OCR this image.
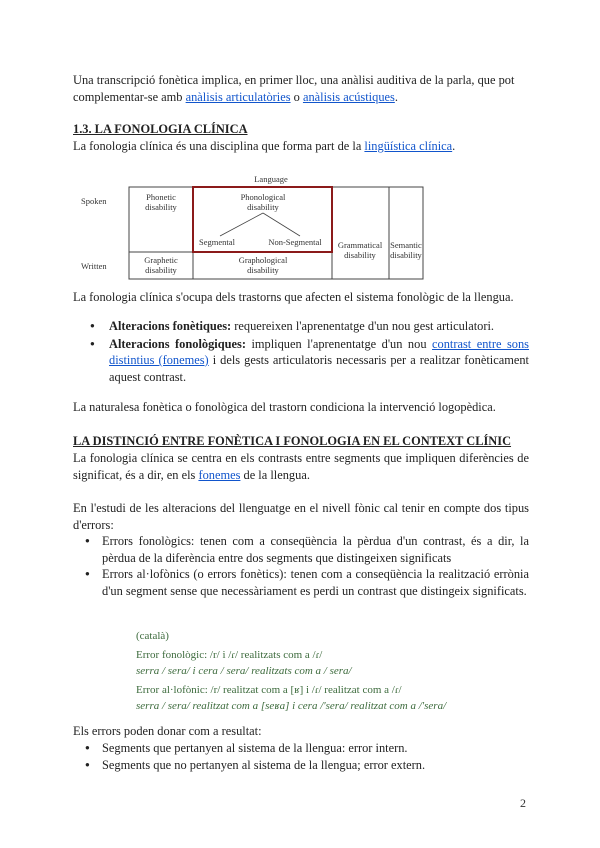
Una transcripció fonètica implica, en primer lloc, una anàlisi auditiva de la parla, que pot

complementar-se amb anàlisis articulatòries o anàlisis acústiques.

1.3. LA FONOLOGIA CLÍNICA

La fonologia clínica és una disciplina que forma part de la lingüística clínica.

Language
Spoken
Written
Phonetic
disability
Phonological
disability
Segmental	Non-Segmental Grammatical
disability
Semantic
disability
Graphetic
disability
Graphological
disability

La fonologia clínica s'ocupa dels trastorns que afecten el sistema fonològic de la llengua.

● Alteracions fonètiques: requereixen l'aprenentatge d'un nou gest articulatori.
● Alteracions fonològiques: impliquen l'aprenentatge d'un nou contrast entre sons distintius (fonemes) i dels gests articulatoris necessaris per a realitzar fonèticament aquest contrast.

La naturalesa fonètica o fonològica del trastorn condiciona la intervenció logopèdica.

LA DISTINCIÓ ENTRE FONÈTICA I FONOLOGIA EN EL CONTEXT CLÍNIC

La fonologia clínica se centra en els contrasts entre segments que impliquen diferències de significat, és a dir, en els fonemes de la llengua.

En l'estudi de les alteracions del llenguatge en el nivell fònic cal tenir en compte dos tipus d'errors:

● Errors fonològics: tenen com a conseqüència la pèrdua d'un contrast, és a dir, la pèrdua de la diferència entre dos segments que distingeixen significats
● Errors al·lofònics (o errors fonètics): tenen com a conseqüència la realització errònia d'un segment sense que necessàriament es perdi un contrast que distingeix significats.
(català)
Error fonològic: /r/ i /ɾ/ realitzats com a /ɾ/
serra / sera/ i cera / sera/ realitzats com a / sera/
Error al·lofònic: /r/ realitzat com a [ʁ] i /ɾ/ realitzat com a /ɾ/
serra / sera/ realitzat com a [seʁa] i cera /'sera/ realitzat com a /'sera/

Els errors poden donar com a resultat:

● Segments que pertanyen al sistema de la llengua: error intern.
● Segments que no pertanyen al sistema de la llengua; error extern.
2
